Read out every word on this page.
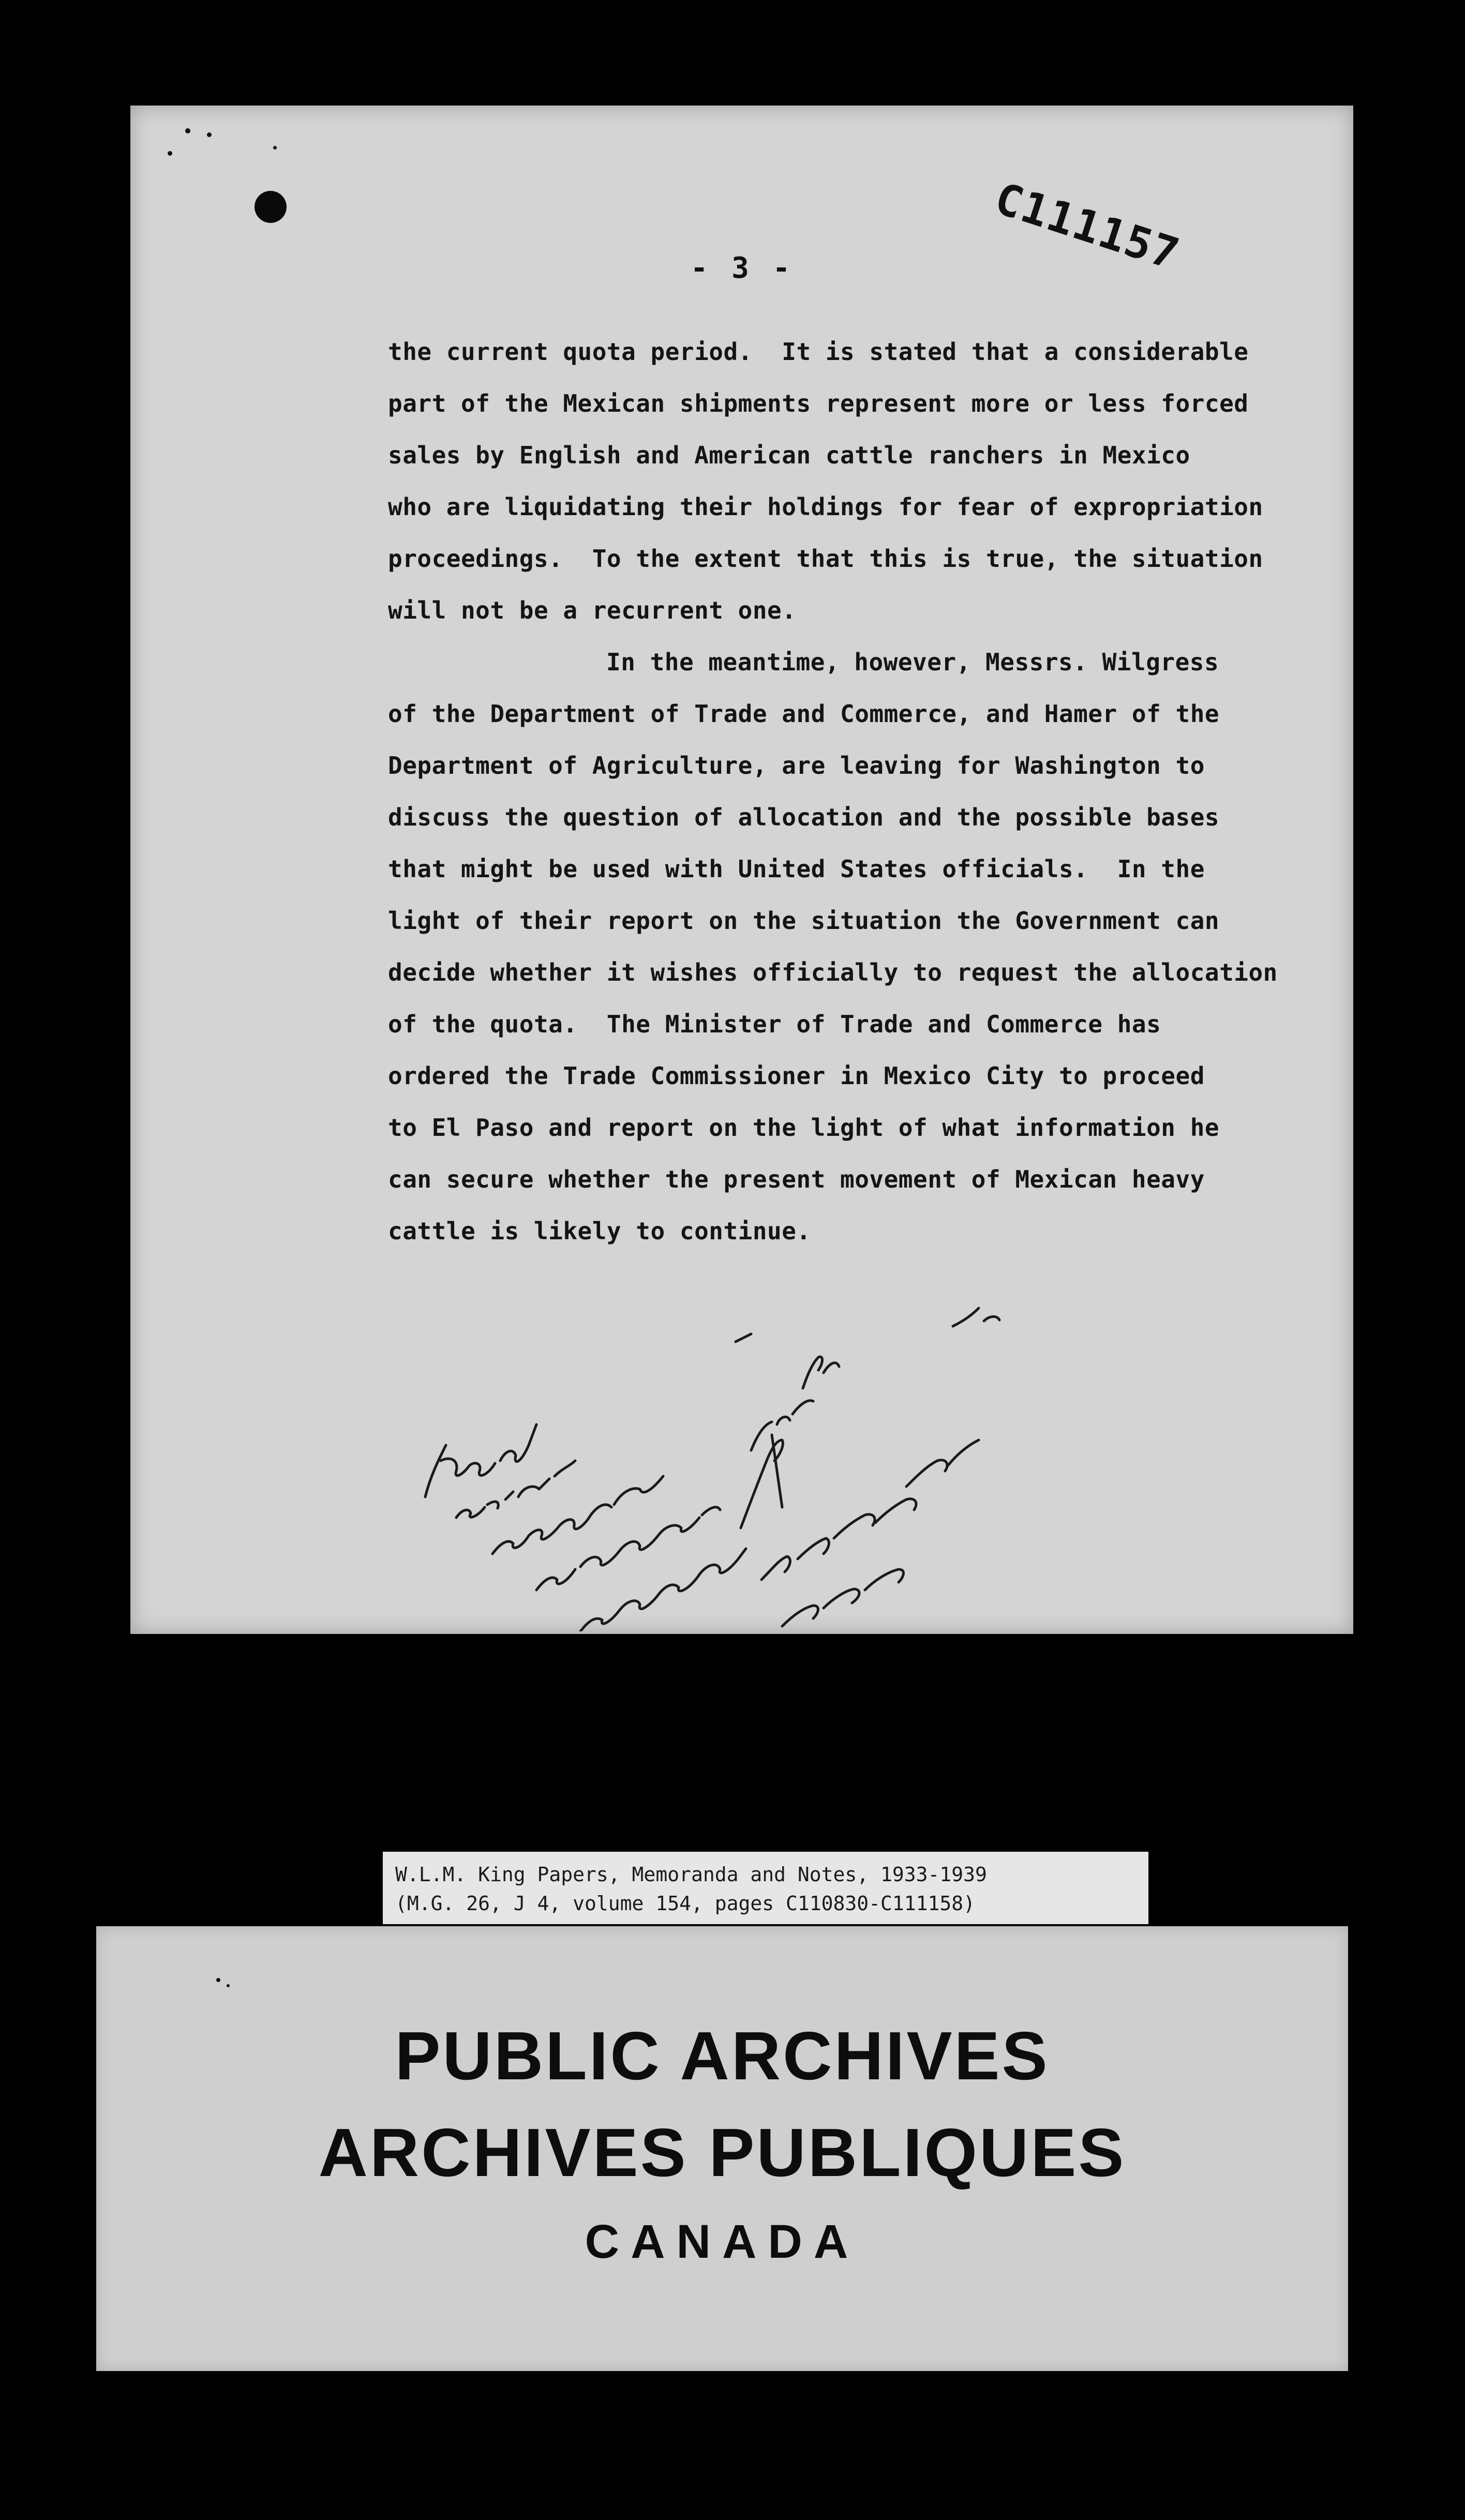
C111157
- 3 -
the current quota period.  It is stated that a considerable
part of the Mexican shipments represent more or less forced
sales by English and American cattle ranchers in Mexico
who are liquidating their holdings for fear of expropriation
proceedings.  To the extent that this is true, the situation
will not be a recurrent one.
In the meantime, however, Messrs. Wilgress
of the Department of Trade and Commerce, and Hamer of the
Department of Agriculture, are leaving for Washington to
discuss the question of allocation and the possible bases
that might be used with United States officials.  In the
light of their report on the situation the Government can
decide whether it wishes officially to request the allocation
of the quota.  The Minister of Trade and Commerce has
ordered the Trade Commissioner in Mexico City to proceed
to El Paso and report on the light of what information he
can secure whether the present movement of Mexican heavy
cattle is likely to continue.
W.L.M. King Papers, Memoranda and Notes, 1933-1939
(M.G. 26, J 4, volume 154, pages C110830-C111158)
PUBLIC ARCHIVES
ARCHIVES PUBLIQUES
CANADA
